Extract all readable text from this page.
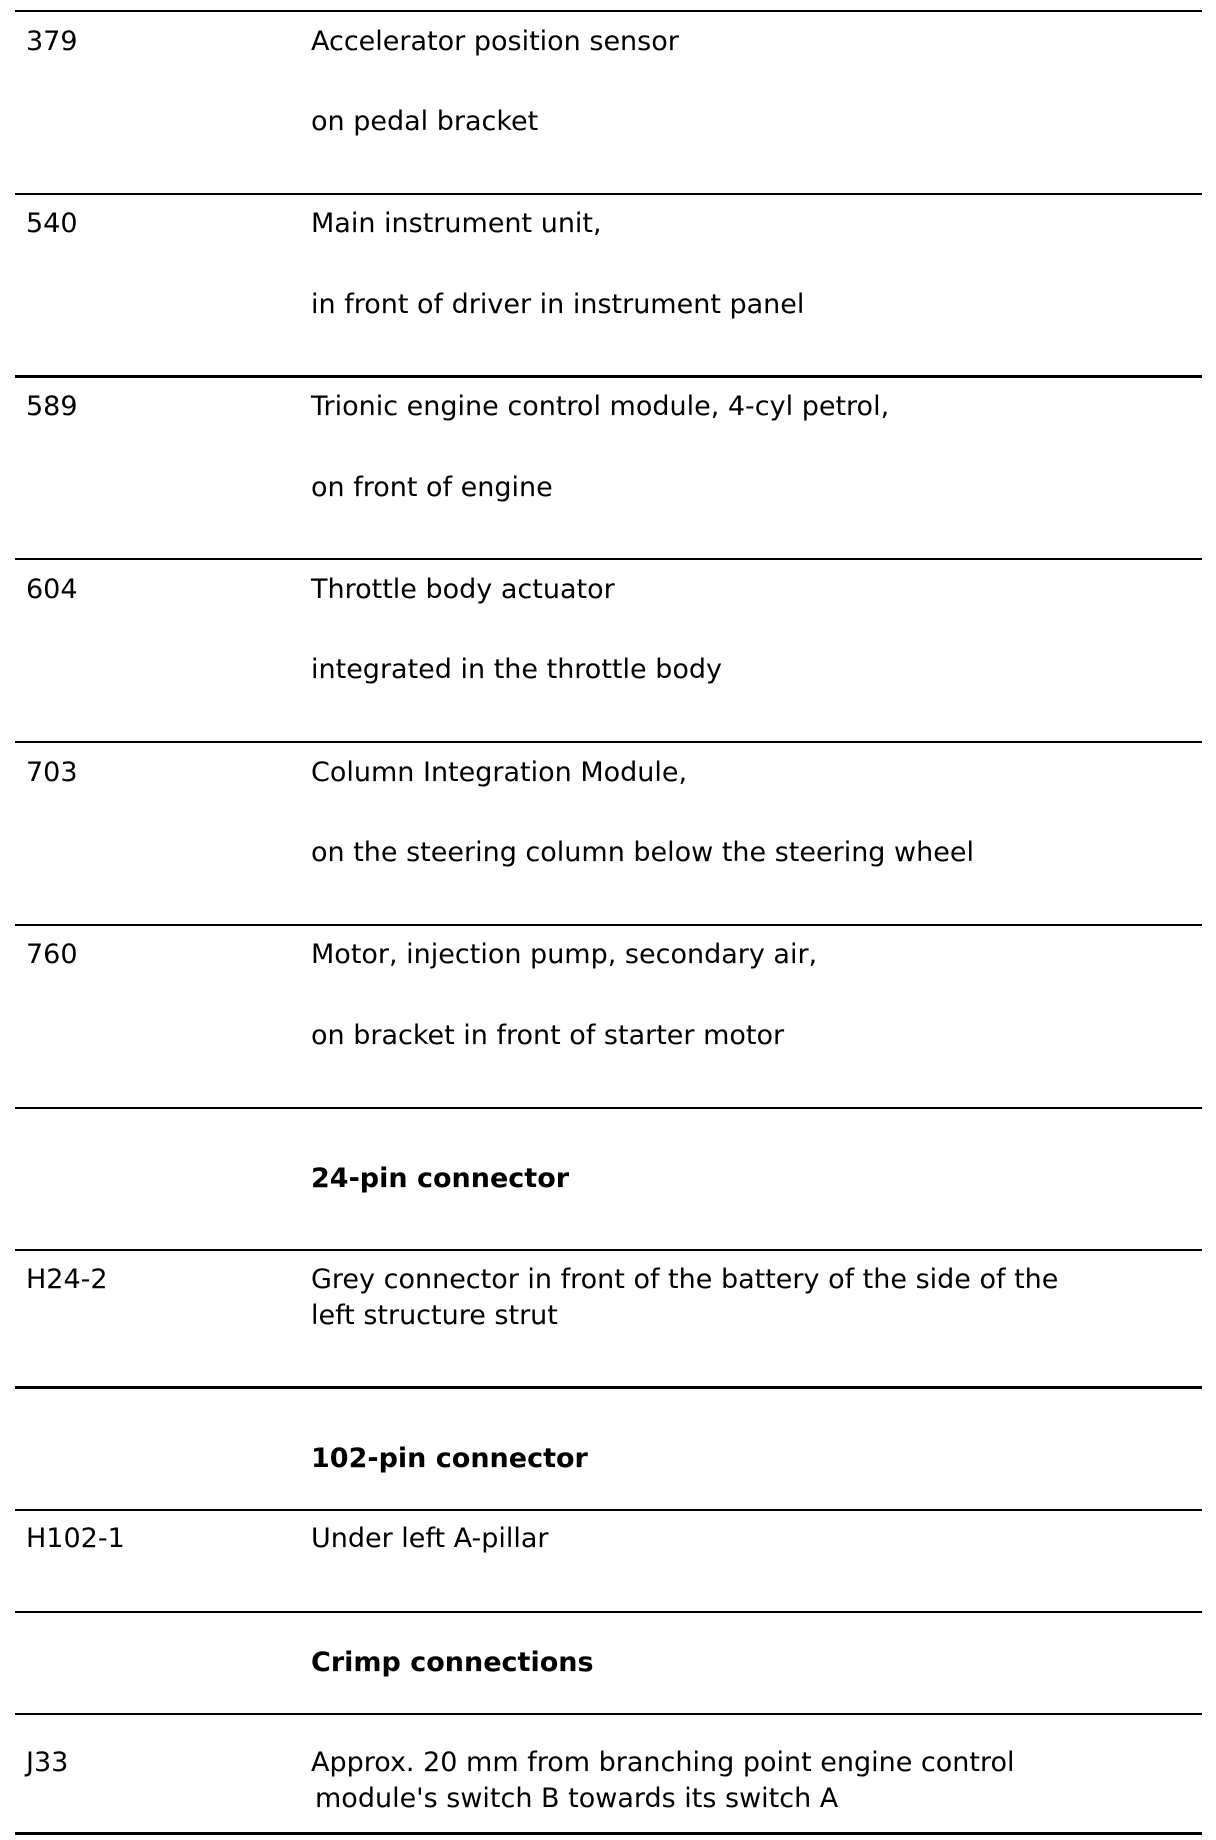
379	Accelerator position sensor
on pedal bracket
540	Main instrument unit,
in front of driver in instrument panel
589	Trionic engine control module, 4-cyl petrol,
on front of engine
604	Throttle body actuator
integrated in the throttle body
703	Column Integration Module,
on the steering column below the steering wheel
760	Motor, injection pump, secondary air,
on bracket in front of starter motor
24-pin connector
H24-2	Grey connector in front of the battery of the side of the
left structure strut
102-pin connector
H102-1	Under left A-pillar
Crimp connections
J33	Approx. 20 mm from branching point engine control
module's switch B towards its switch A
